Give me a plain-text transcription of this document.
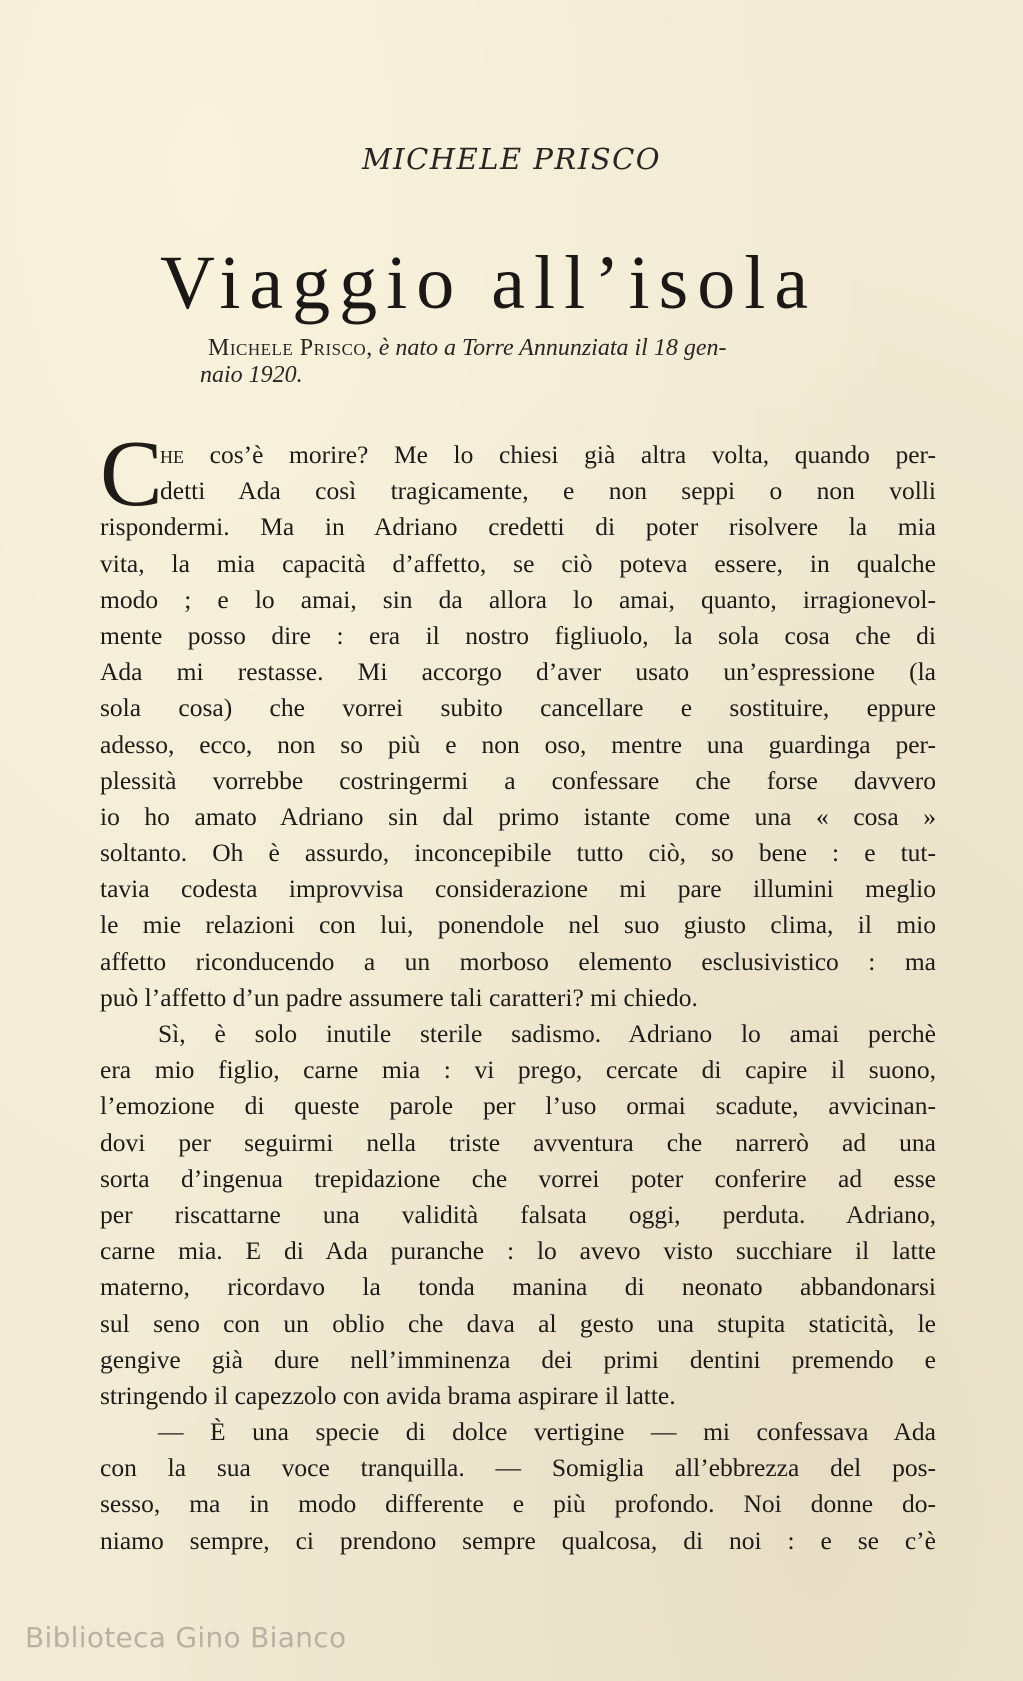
MICHELE PRISCO
Viaggio all’isola
Michele Prisco, è nato a Torre Annunziata il 18 gen-
naio 1920.
C
he cos’è morire? Me lo chiesi già altra volta, quando per-
detti Ada così tragicamente, e non seppi o non volli
rispondermi. Ma in Adriano credetti di poter risolvere la mia
vita, la mia capacità d’affetto, se ciò poteva essere, in qualche
modo ; e lo amai, sin da allora lo amai, quanto, irragionevol-
mente posso dire : era il nostro figliuolo, la sola cosa che di
Ada mi restasse. Mi accorgo d’aver usato un’espressione (la
sola cosa) che vorrei subito cancellare e sostituire, eppure
adesso, ecco, non so più e non oso, mentre una guardinga per-
plessità vorrebbe costringermi a confessare che forse davvero
io ho amato Adriano sin dal primo istante come una « cosa »
soltanto. Oh è assurdo, inconcepibile tutto ciò, so bene : e tut-
tavia codesta improvvisa considerazione mi pare illumini meglio
le mie relazioni con lui, ponendole nel suo giusto clima, il mio
affetto riconducendo a un morboso elemento esclusivistico : ma
può l’affetto d’un padre assumere tali caratteri? mi chiedo.
Sì, è solo inutile sterile sadismo. Adriano lo amai perchè
era mio figlio, carne mia : vi prego, cercate di capire il suono,
l’emozione di queste parole per l’uso ormai scadute, avvicinan-
dovi per seguirmi nella triste avventura che narrerò ad una
sorta d’ingenua trepidazione che vorrei poter conferire ad esse
per riscattarne una validità falsata oggi, perduta. Adriano,
carne mia. E di Ada puranche : lo avevo visto succhiare il latte
materno, ricordavo la tonda manina di neonato abbandonarsi
sul seno con un oblio che dava al gesto una stupita staticità, le
gengive già dure nell’imminenza dei primi dentini premendo e
stringendo il capezzolo con avida brama aspirare il latte.
— È una specie di dolce vertigine — mi confessava Ada
con la sua voce tranquilla. — Somiglia all’ebbrezza del pos-
sesso, ma in modo differente e più profondo. Noi donne do-
niamo sempre, ci prendono sempre qualcosa, di noi : e se c’è
Biblioteca Gino Bianco
